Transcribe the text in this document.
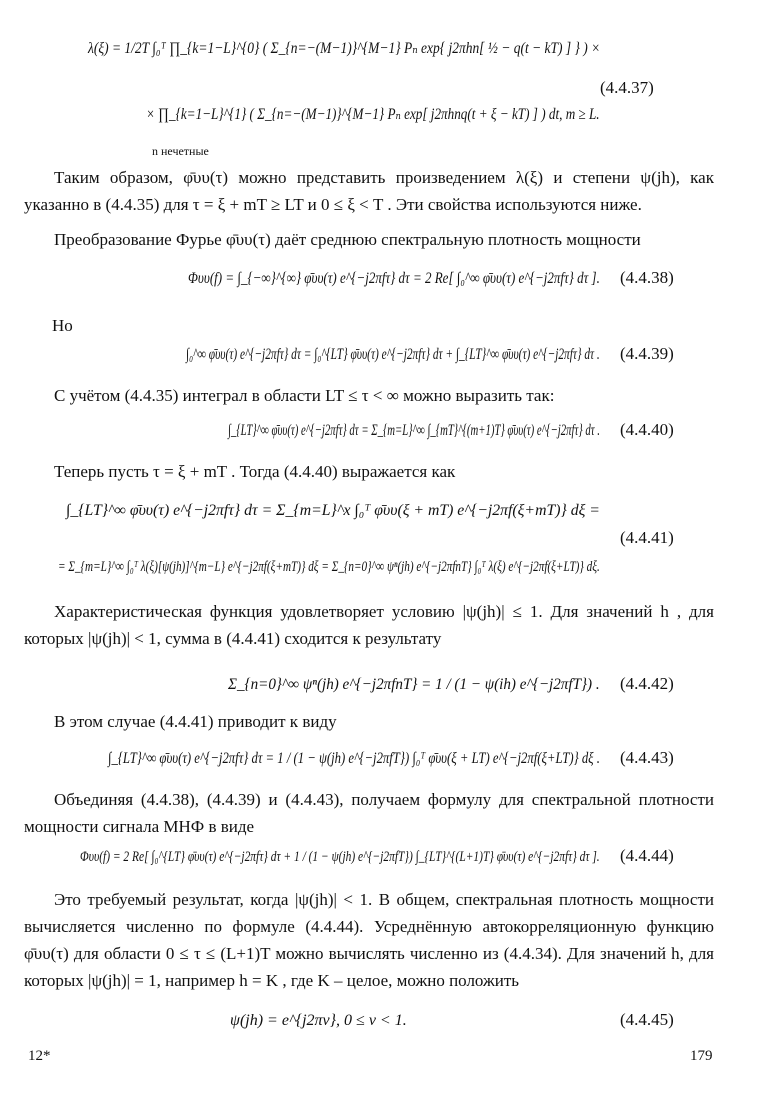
λ(ξ) = 1/2T ∫₀ᵀ ∏_{k=1−L}^{0} ( Σ_{n=−(M−1)}^{M−1} Pₙ exp{ j2πhn[ ½ − q(t − kT) ] } ) ×
× ∏_{k=1−L}^{1} ( Σ_{n=−(M−1)}^{M−1} Pₙ exp[ j2πhnq(t + ξ − kT) ] ) dt, m ≥ L.
n нечетные
(4.4.37)
Таким образом, φ̄υυ(τ) можно представить произведением λ(ξ) и степени ψ(jh), как указанно в (4.4.35) для τ = ξ + mT ≥ LT и 0 ≤ ξ < T . Эти свойства используются ниже.
Преобразование Фурье φ̄υυ(τ) даёт среднюю спектральную плотность мощности
Φυυ(f) = ∫_{−∞}^{∞} φ̄υυ(τ) e^{−j2πfτ} dτ = 2 Re[ ∫₀^∞ φ̄υυ(τ) e^{−j2πfτ} dτ ]. (4.4.38)
Но
∫₀^∞ φ̄υυ(τ) e^{−j2πfτ} dτ = ∫₀^{LT} φ̄υυ(τ) e^{−j2πfτ} dτ + ∫_{LT}^∞ φ̄υυ(τ) e^{−j2πfτ} dτ . (4.4.39)
С учётом (4.4.35) интеграл в области LT ≤ τ < ∞ можно выразить так:
∫_{LT}^∞ φ̄υυ(τ) e^{−j2πfτ} dτ = Σ_{m=L}^∞ ∫_{mT}^{(m+1)T} φ̄υυ(τ) e^{−j2πfτ} dτ . (4.4.40)
Теперь пусть τ = ξ + mT . Тогда (4.4.40) выражается как
∫_{LT}^∞ φ̄υυ(τ) e^{−j2πfτ} dτ = Σ_{m=L}^x ∫₀ᵀ φ̄υυ(ξ + mT) e^{−j2πf(ξ+mT)} dξ =
= Σ_{m=L}^∞ ∫₀ᵀ λ(ξ)[ψ(jh)]^{m−L} e^{−j2πf(ξ+mT)} dξ = Σ_{n=0}^∞ ψⁿ(jh) e^{−j2πfnT} ∫₀ᵀ λ(ξ) e^{−j2πf(ξ+LT)} dξ.
(4.4.41)
Характеристическая функция удовлетворяет условию |ψ(jh)| ≤ 1. Для значений h , для которых |ψ(jh)| < 1, сумма в (4.4.41) сходится к результату
Σ_{n=0}^∞ ψⁿ(jh) e^{−j2πfnT} = 1 / (1 − ψ(ih) e^{−j2πfT}) . (4.4.42)
В этом случае (4.4.41) приводит к виду
∫_{LT}^∞ φ̄υυ(τ) e^{−j2πfτ} dτ = 1 / (1 − ψ(jh) e^{−j2πfT}) ∫₀ᵀ φ̄υυ(ξ + LT) e^{−j2πf(ξ+LT)} dξ . (4.4.43)
Объединяя (4.4.38), (4.4.39) и (4.4.43), получаем формулу для спектральной плотности мощности сигнала МНФ в виде
Φυυ(f) = 2 Re[ ∫₀^{LT} φ̄υυ(τ) e^{−j2πfτ} dτ + 1 / (1 − ψ(jh) e^{−j2πfT}) ∫_{LT}^{(L+1)T} φ̄υυ(τ) e^{−j2πfτ} dτ ]. (4.4.44)
Это требуемый результат, когда |ψ(jh)| < 1. В общем, спектральная плотность мощности вычисляется численно по формуле (4.4.44). Усреднённую автокорреляционную функцию φ̄υυ(τ) для области 0 ≤ τ ≤ (L+1)T можно вычислять численно из (4.4.34). Для значений h, для которых |ψ(jh)| = 1, например h = K , где K – целое, можно положить
ψ(jh) = e^{j2πν}, 0 ≤ ν < 1.	(4.4.45)
12*	179
